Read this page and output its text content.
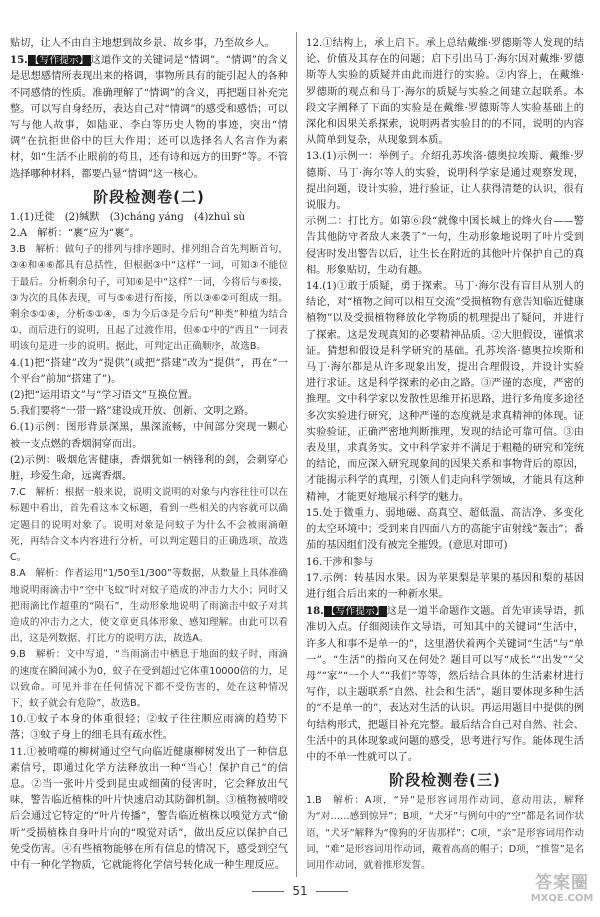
贴切，让人不由自主地想到故乡景、故乡事，乃至故乡人。

15. 【写作提示】 这道作文的关键词是“情调”。“情调”的含义是思想感情所表现出来的格调，事物所具有的能引起人的各种不同感情的性质。准确理解了“情调”的含义，再把题目补充完整。可以写自身经历，表达自己对“情调”的感受和感悟；可以写与他人故事，如陆亚、李白等历史人物的事迹，突出“情调”在抗拒世俗中的巨大作用；还可以选择名人名言作为素材，如“生活不止眼前的苟且，还有诗和远方的田野”等。不管选择哪种材料，都要凸显“情调”这一核心。

阶段检测卷(二)

1.(1)迁徙　(2)缄默　(3)chánɡ yánɡ　(4)zhuì sù

2.A　解析：“裹”应为“裹”。

3.B　解析：做句子的排列与排序题时，排列组合首先判断首句，③④和④⑥都具有总括性，但根据③中“这样”一词，可知③不能位于最后。分析剩余句子，可知⑥是中“这样”一词，今将后与⑥接，③为次的具体表现，可与⑤⑥进行衔接，所以③⑥②可组成一组。剩余⑤①④，分析⑤①④，⑤为今后③是今后句“种类”种植为结合①，而后进行的说明，且起了过渡作用，但⑥①中的“西且”一词表明该句是进一步的说明。据此，可判定出正确顺序，故选B。

4.(1)把“搭建”改为“提供”(或把“搭建”改为“提供”，再在“一个平台”前加“搭建了”)。

(2)把“运用语文”与“学习语文”互换位置。

5.我们要将“一带一路”建设成开放、创新、文明之路。

6.(1)示例：图形背景深黑，黑深流畅，中间部分突现一颗心被一支点燃的香烟洞穿而出。

(2)示例：吸烟危害健康，香烟犹如一柄锋利的剑，会刺穿心脏，珍爱生命，远离香烟。

7.C　解析：根据一般来说，说明文说明的对象与内容往往可以在标题中看出，首先看这本文标题，看到一些相关的内容就可以确定题目的说明对象了。说明对象是问蚊子为什么不会被雨滴砸死，再结合文本内容进行分析，可以判定题目的正确选项，故选C。

8.A　解析：作者运用“1/50至1/300”等数据，从数量上具体准确地说明雨滴击中“空中飞蚊”时对蚊子造成的冲击力大小；同时又把雨滴比作超重的“陨石”，生动形象地说明了雨滴击中蚊子对其造成的冲击力之大，使文章更具体形象、感知理解。由此可以看出，这是列数据、打比方的说明方法，故选A。

9.B　解析：文中写道，“当雨滴击中栖息于地面的蚊子时，雨滴的速度在瞬间减小为0，蚊子在受到超过它体重10000倍的力，足以致命。可见并非在任何情况下都不受伤害的，处在这种情况下，蚊子就会有危险”，故选B。

10.①蚊子本身的体重很轻；②蚊子往往顺应雨滴的趋势下落；③蚊子身上的细毛具有疏水性。

11.①被啃噬的柳树通过空气向临近健康柳树发出了一种信息素信号，即通过化学方法释放出一种“当心！保护自己”的信息。②当一张叶片受到昆虫或细菌的侵害时，它会释放出气味，警告临近植株的叶片快速启动其防御机制。③植物被啃咬后会通过它特定的“叶片传播”，警告临近植株以嗅觉方式“偷听”受损植株自身叶片向的“嗅觉对话”，做出反应以保护自己免受伤害。④有些植物能够在所有信息的情况下，感受到空气中有一种化学物质，它就能将化学信号转化成一种生理反应。

12.①结构上，承上启下。承上总结戴维·罗德斯等人发现的结论、价值及其存在的问题；启下引出马丁·海尔因对戴维·罗德斯等人实验的质疑并由此而进行的实验。②内容上，在戴维·罗德斯的观点和马丁·海尔的质疑与实验之间建立起联系。本段文字阐释了下面的实验是在戴维·罗德斯等人实验基础上的深化和因果关系探索，说明两者实验目的的不同，说明的内容从简单到复杂，从现象到本质。

13.(1)示例一：举例子。介绍孔苏埃洛·德奥拉埃斯、戴维·罗德斯、马丁·海尔等人的实验，说明科学家是通过观察发现，提出问题，设计实验，进行验证，让人获得清楚的认识，很有说服力。

示例二：打比方。如第⑥段“就像中国长城上的烽火台——警告其他防守者敌人来袭了”一句，生动形象地说明了叶片受到侵害时发出警告以后，让生长在附近的其他叶片保护自己的真相。形象贴切，生动有趣。

14.(1)①敢于质疑，勇于探索。马丁·海尔没有盲目从别人的结论，对“植物之间可以相互交流”受损植物有意告知临近健康植物”以及受损植物释放化学物质的机理提出了疑问，并进行了探索。这是发现真知的必要精神品质。②大胆假设，谨慎求证。猜想和假设是科学研究的基础。孔苏埃洛·德奥拉埃斯和马丁·海尔都是从许多现象出发，提出合理假设，并设计实验进行求证。这是科学探索的必由之路。③严谨的态度，严密的推理。文中科学家以发散性思维开拓思路，进行多角度多途径多次实验进行研究，这种严谨的态度就是求真精神的体现。证实验验证，正确严密地判断推理，发现的结论可靠可信。③由表及里，求真务实。文中科学家并不满足于粗糙的研究和笼统的结论，而应深入研究现象间的因果关系和事物背后的原因，才能揭示科学的真理，引领人们走向科学领域，才能具有这种精神，才能更好地展示科学的魅力。

15.处于微重力、弱地磁、高真空、超低温、高洁净、多变化的太空环境中；受到来自四面八方的高能宇宙射线“轰击”；番茄的基因组们没有被完全摧毁。(意思对即可)

16.干涉和参与

17.示例：转基因水果。因为苹果梨是苹果的基因和梨的基因进行组合后出来的一种新水果。

18. 【写作提示】 这是一道半命题作文题。首先审读导语，抓准切入点。仔细阅读作文导语，可知其中的关键词“生活中，许多人和事不是单一的”，这里潜伏着两个关键词“生活”与“单一”。“生活”的指向又在何处？题目可以写“成长”“出发”“父母”“家”“一个人”“我们”等等，然后结合具体的生活素材进行写作，以主题联系“自然、社会和生活”，题目要体现多种生活的“不是单一的”，表达对生活的认识。再运用题目中提供的例句结构形式，把题目补充完整。最后结合自己对自然、社会、生活中的具体现象或问题的感受，思考进行写作。能体现生活中的不单一性就可以了。

阶段检测卷(三)

1.B　解析：A项，“异”是形容词用作动词，意动用法，解释为“对……感到惊异”；B项，“犬牙”与例句中的“空”都是名词作状语，“犬牙”解释为“像狗的牙齿那样”；C项，“亲”是形容词用作动词，“难”是形容词用作动词，戴着高高的帽子；D项，“推誓”是名词用作动词，就着推形发誓。

51	答案圈
MXQE.COM
